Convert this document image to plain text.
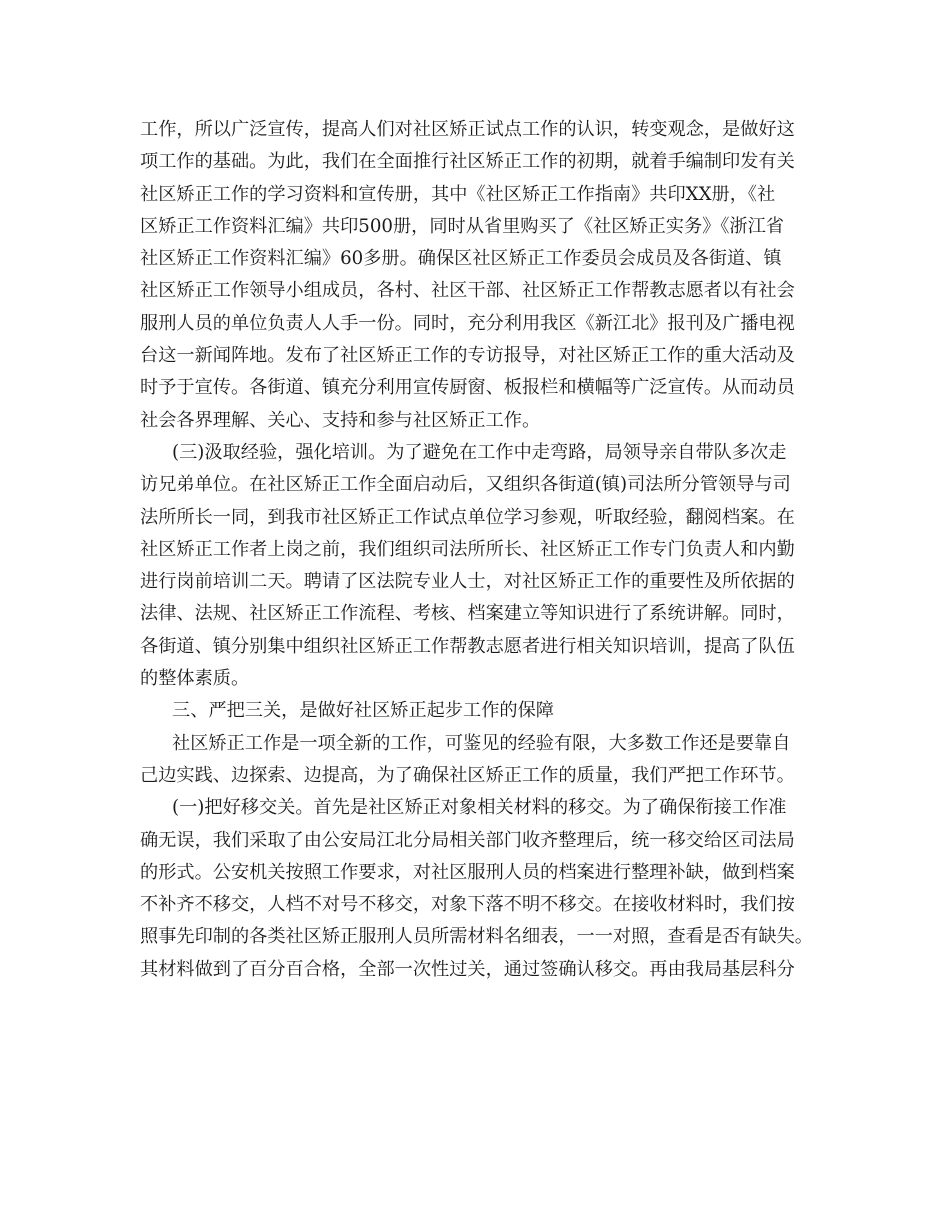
工作，所以广泛宣传，提高人们对社区矫正试点工作的认识，转变观念，是做好这
项工作的基础。为此，我们在全面推行社区矫正工作的初期，就着手编制印发有关
社区矫正工作的学习资料和宣传册，其中《社区矫正工作指南》共印XX册，《社
区矫正工作资料汇编》共印500册，同时从省里购买了《社区矫正实务》《浙江省
社区矫正工作资料汇编》60多册。确保区社区矫正工作委员会成员及各街道、镇
社区矫正工作领导小组成员，各村、社区干部、社区矫正工作帮教志愿者以有社会
服刑人员的单位负责人人手一份。同时，充分利用我区《新江北》报刊及广播电视
台这一新闻阵地。发布了社区矫正工作的专访报导，对社区矫正工作的重大活动及
时予于宣传。各街道、镇充分利用宣传厨窗、板报栏和横幅等广泛宣传。从而动员
社会各界理解、关心、支持和参与社区矫正工作。
(三)汲取经验，强化培训。为了避免在工作中走弯路，局领导亲自带队多次走
访兄弟单位。在社区矫正工作全面启动后，又组织各街道(镇)司法所分管领导与司
法所所长一同，到我市社区矫正工作试点单位学习参观，听取经验，翻阅档案。在
社区矫正工作者上岗之前，我们组织司法所所长、社区矫正工作专门负责人和内勤
进行岗前培训二天。聘请了区法院专业人士，对社区矫正工作的重要性及所依据的
法律、法规、社区矫正工作流程、考核、档案建立等知识进行了系统讲解。同时，
各街道、镇分别集中组织社区矫正工作帮教志愿者进行相关知识培训，提高了队伍
的整体素质。
三、严把三关，是做好社区矫正起步工作的保障
社区矫正工作是一项全新的工作，可鉴见的经验有限，大多数工作还是要靠自
己边实践、边探索、边提高，为了确保社区矫正工作的质量，我们严把工作环节。
(一)把好移交关。首先是社区矫正对象相关材料的移交。为了确保衔接工作准
确无误，我们采取了由公安局江北分局相关部门收齐整理后，统一移交给区司法局
的形式。公安机关按照工作要求，对社区服刑人员的档案进行整理补缺，做到档案
不补齐不移交，人档不对号不移交，对象下落不明不移交。在接收材料时，我们按
照事先印制的各类社区矫正服刑人员所需材料名细表，一一对照，查看是否有缺失。
其材料做到了百分百合格，全部一次性过关，通过签确认移交。再由我局基层科分
